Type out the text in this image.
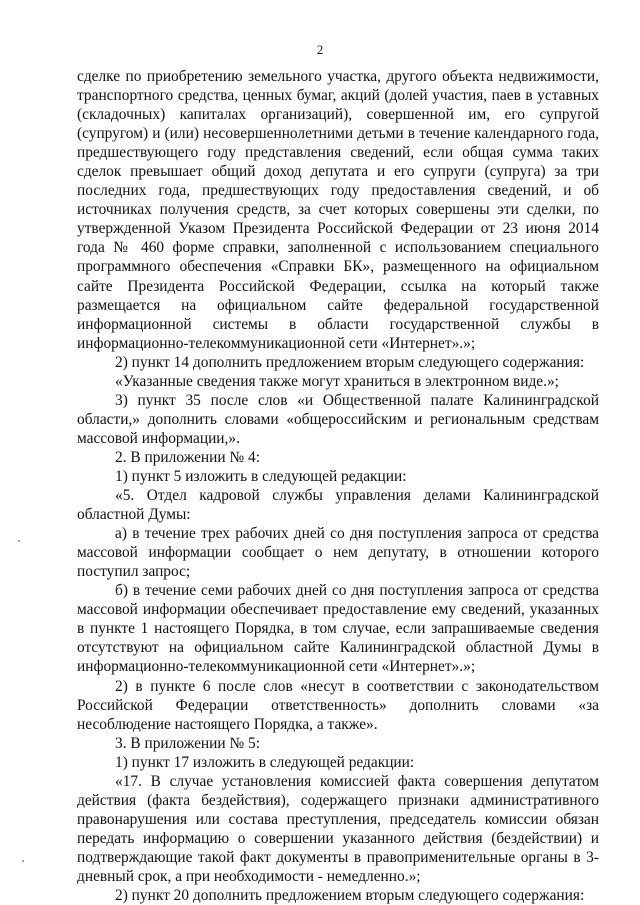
2

сделке по приобретению земельного участка, другого объекта недвижимости, транспортного средства, ценных бумаг, акций (долей участия, паев в уставных (складочных) капиталах организаций), совершенной им, его супругой (супругом) и (или) несовершеннолетними детьми в течение календарного года, предшествующего году представления сведений, если общая сумма таких сделок превышает общий доход депутата и его супруги (супруга) за три последних года, предшествующих году предоставления сведений, и об источниках получения средств, за счет которых совершены эти сделки, по утвержденной Указом Президента Российской Федерации от 23 июня 2014 года № 460 форме справки, заполненной с использованием специального программного обеспечения «Справки БК», размещенного на официальном сайте Президента Российской Федерации, ссылка на который также размещается на официальном сайте федеральной государственной информационной системы в области государственной службы в информационно-телекоммуникационной сети «Интернет».»;

2) пункт 14 дополнить предложением вторым следующего содержания:

«Указанные сведения также могут храниться в электронном виде.»;

3) пункт 35 после слов «и Общественной палате Калининградской области,» дополнить словами «общероссийским и региональным средствам массовой информации,».

2. В приложении № 4:

1) пункт 5 изложить в следующей редакции:

«5. Отдел кадровой службы управления делами Калининградской областной Думы:

а) в течение трех рабочих дней со дня поступления запроса от средства массовой информации сообщает о нем депутату, в отношении которого поступил запрос;

б) в течение семи рабочих дней со дня поступления запроса от средства массовой информации обеспечивает предоставление ему сведений, указанных в пункте 1 настоящего Порядка, в том случае, если запрашиваемые сведения отсутствуют на официальном сайте Калининградской областной Думы в информационно-телекоммуникационной сети «Интернет».»;

2) в пункте 6 после слов «несут в соответствии с законодательством Российской Федерации ответственность» дополнить словами «за несоблюдение настоящего Порядка, а также».

3. В приложении № 5:

1) пункт 17 изложить в следующей редакции:

«17. В случае установления комиссией факта совершения депутатом действия (факта бездействия), содержащего признаки административного правонарушения или состава преступления, председатель комиссии обязан передать информацию о совершении указанного действия (бездействии) и подтверждающие такой факт документы в правоприменительные органы в 3-дневный срок, а при необходимости - немедленно.»;

2) пункт 20 дополнить предложением вторым следующего содержания:
